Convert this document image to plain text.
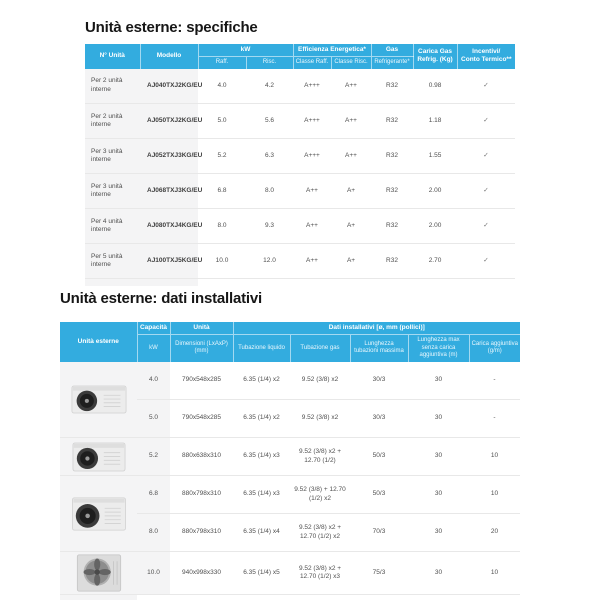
Unità esterne: specifiche
N° Unità	Modello	kW		Efficienza Energetica*		Gas	Carica Gas
Refrig. (Kg)	Incentivi/
Conto Termico**

		Raff.	Risc.	Classe Raff.	Classe Risc.	Refrigerante*		
Per 2 unità interne	AJ040TXJ2KG/EU	4.0	4.2	A+++	A++	R32	0.98	✓
Per 2 unità interne	AJ050TXJ2KG/EU	5.0	5.6	A+++	A++	R32	1.18	✓
Per 3 unità interne	AJ052TXJ3KG/EU	5.2	6.3	A+++	A++	R32	1.55	✓
Per 3 unità interne	AJ068TXJ3KG/EU	6.8	8.0	A++	A+	R32	2.00	✓
Per 4 unità interne	AJ080TXJ4KG/EU	8.0	9.3	A++	A+	R32	2.00	✓
Per 5 unità interne	AJ100TXJ5KG/EU	10.0	12.0	A++	A+	R32	2.70	✓

Unità esterne: dati installativi
Unità esterne	Capacità	Unità	Dati installativi [ø, mm (pollici)]				
	kW	Dimensioni (LxAxP) (mm)	Tubazione liquido	Tubazione gas	Lunghezza tubazioni massima	Lunghezza max senza carica aggiuntiva (m)	Carica aggiuntiva (g/m)

	4.0	790x548x285	6.35 (1/4) x2	9.52 (3/8) x2	30/3	30	-
	5.0	790x548x285	6.35 (1/4) x2	9.52 (3/8) x2	30/3	30	-

	5.2	880x638x310	6.35 (1/4) x3	9.52 (3/8) x2 + 12.70 (1/2)	50/3	30	10

	6.8	880x798x310	6.35 (1/4) x3	9.52 (3/8) + 12.70 (1/2) x2	50/3	30	10
	8.0	880x798x310	6.35 (1/4) x4	9.52 (3/8) x2 + 12.70 (1/2) x2	70/3	30	20

	10.0	940x998x330	6.35 (1/4) x5	9.52 (3/8) x2 + 12.70 (1/2) x3	75/3	30	10
